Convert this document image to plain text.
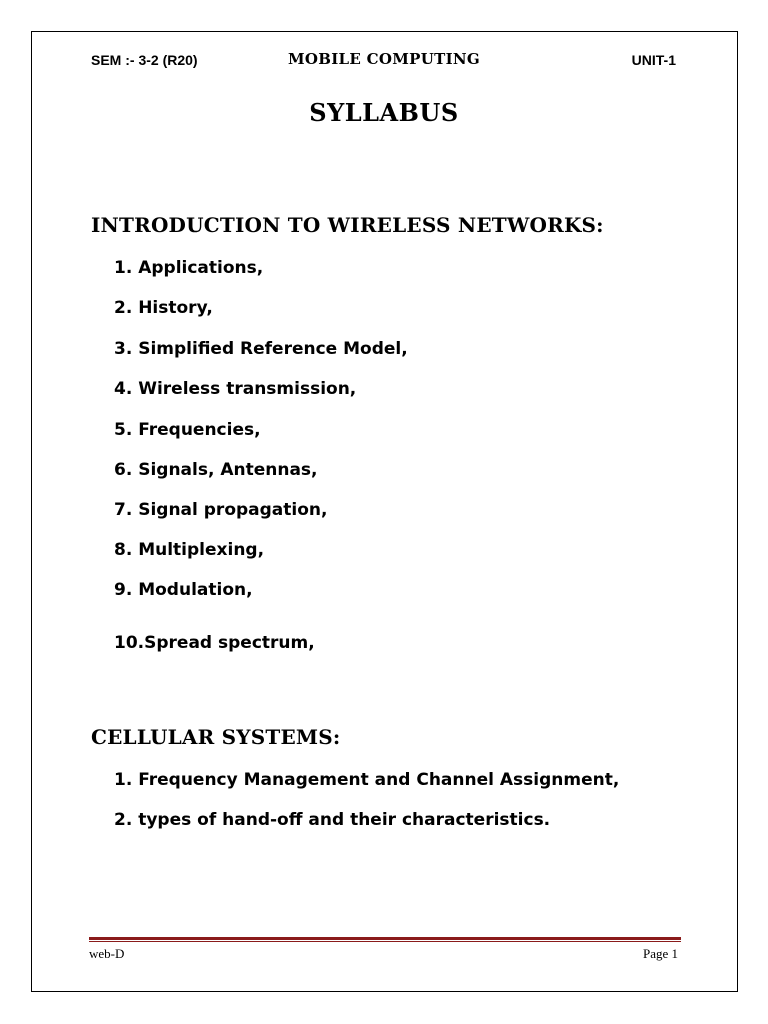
SEM :- 3-2 (R20)	MOBILE COMPUTING	UNIT-1
SYLLABUS
INTRODUCTION TO WIRELESS NETWORKS:
1. Applications,
2. History,
3. Simplified Reference Model,
4. Wireless transmission,
5. Frequencies,
6. Signals, Antennas,
7. Signal propagation,
8. Multiplexing,
9. Modulation,
10.Spread spectrum,
CELLULAR SYSTEMS:
1. Frequency Management and Channel Assignment,
2. types of hand-off and their characteristics.
web-D	Page 1
